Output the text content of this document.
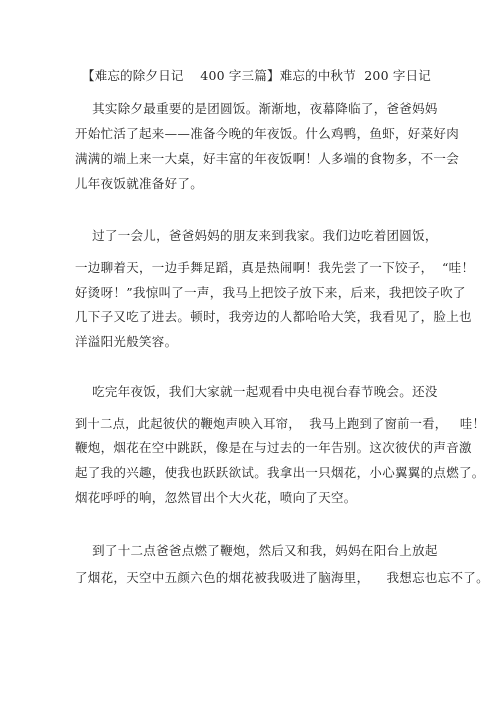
【难忘的除夕日记    400 字三篇】难忘的中秋节  200 字日记
其实除夕最重要的是团圆饭。渐渐地，夜幕降临了，爸爸妈妈
开始忙活了起来——准备今晚的年夜饭。什么鸡鸭，鱼虾，好菜好肉
满满的端上来一大桌，好丰富的年夜饭啊！人多端的食物多，不一会
儿年夜饭就准备好了。
过了一会儿，爸爸妈妈的朋友来到我家。我们边吃着团圆饭，
一边聊着天，一边手舞足蹈，真是热闹啊！我先尝了一下饺子，  “哇！
好烫呀！”我惊叫了一声，我马上把饺子放下来，后来，我把饺子吹了
几下子又吃了进去。顿时，我旁边的人都哈哈大笑，我看见了，脸上也
洋溢阳光般笑容。
吃完年夜饭，我们大家就一起观看中央电视台春节晚会。还没
到十二点，此起彼伏的鞭炮声映入耳帘，  我马上跑到了窗前一看，   哇！
鞭炮，烟花在空中跳跃，像是在与过去的一年告别。这次彼伏的声音激
起了我的兴趣，使我也跃跃欲试。我拿出一只烟花，小心翼翼的点燃了。
烟花呼呼的响，忽然冒出个大火花，喷向了天空。
到了十二点爸爸点燃了鞭炮，然后又和我，妈妈在阳台上放起
了烟花，天空中五颜六色的烟花被我吸进了脑海里，    我想忘也忘不了。
